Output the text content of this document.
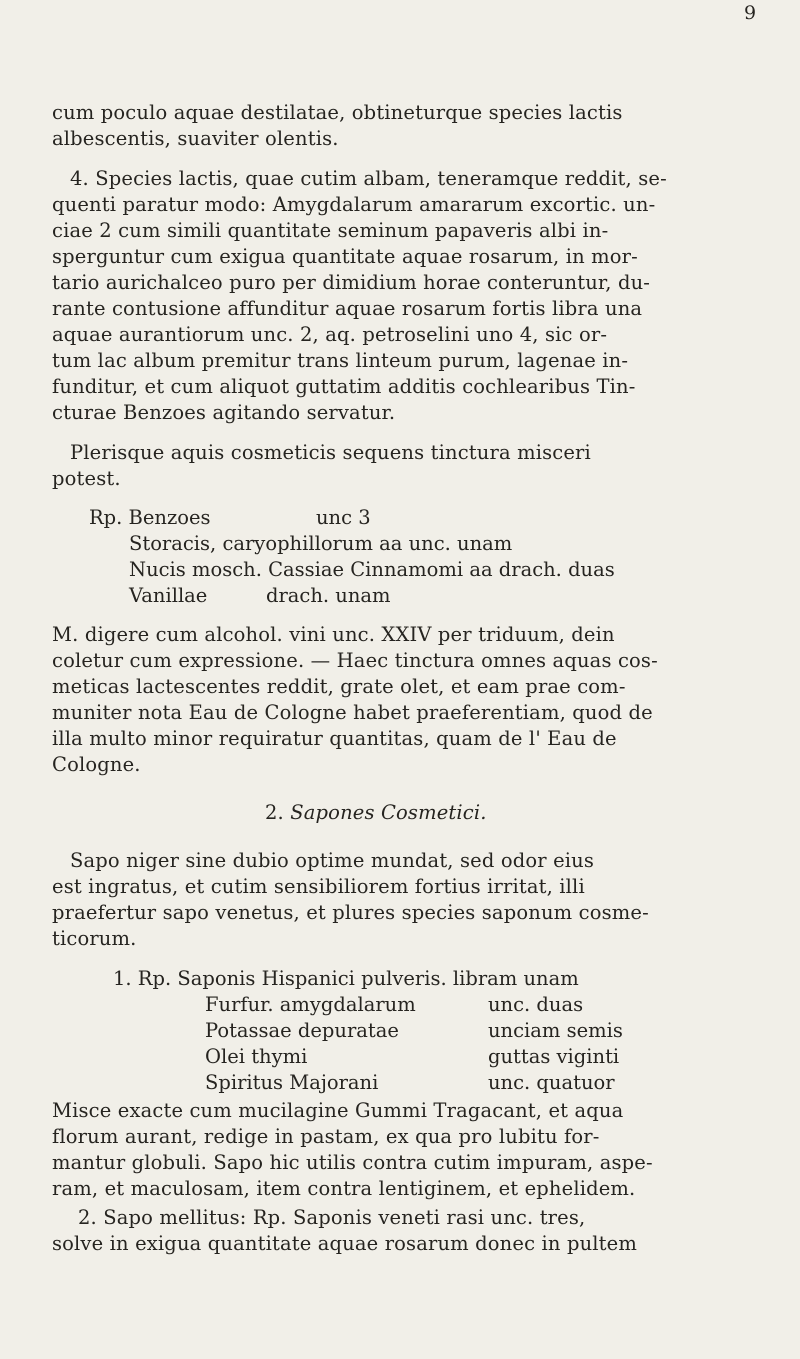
9
cum poculo aquae destilatae, obtineturque species lactis
albescentis, suaviter olentis.
4. Species lactis, quae cutim albam, teneramque reddit, se-
quenti paratur modo: Amygdalarum amararum excortic. un-
ciae 2 cum simili quantitate seminum papaveris albi in-
sperguntur cum exigua quantitate aquae rosarum, in mor-
tario aurichalceo puro per dimidium horae conteruntur, du-
rante contusione affunditur aquae rosarum fortis libra una
aquae aurantiorum unc. 2, aq. petroselini uno 4, sic or-
tum lac album premitur trans linteum purum, lagenae in-
funditur, et cum aliquot guttatim additis cochlearibus Tin-
cturae Benzoes agitando servatur.
Plerisque aquis cosmeticis sequens tinctura misceri
potest.
Rp. Benzoes	unc 3
Storacis, caryophillorum aa unc. unam
Nucis mosch. Cassiae Cinnamomi aa drach. duas
Vanillae	drach. unam
M. digere cum alcohol. vini unc. XXIV per triduum, dein
coletur cum expressione. — Haec tinctura omnes aquas cos-
meticas lactescentes reddit, grate olet, et eam prae com-
muniter nota Eau de Cologne habet praeferentiam, quod de
illa multo minor requiratur quantitas, quam de l' Eau de
Cologne.
2. Sapones Cosmetici.
Sapo niger sine dubio optime mundat, sed odor eius
est ingratus, et cutim sensibiliorem fortius irritat, illi
praefertur sapo venetus, et plures species saponum cosme-
ticorum.
1. Rp. Saponis Hispanici pulveris. libram unam
Furfur. amygdalarum	unc. duas
Potassae depuratae	unciam semis
Olei thymi	guttas viginti
Spiritus Majorani	unc. quatuor
Misce exacte cum mucilagine Gummi Tragacant, et aqua
florum aurant, redige in pastam, ex qua pro lubitu for-
mantur globuli. Sapo hic utilis contra cutim impuram, aspe-
ram, et maculosam, item contra lentiginem, et ephelidem.
2. Sapo mellitus: Rp. Saponis veneti rasi unc. tres,
solve in exigua quantitate aquae rosarum donec in pultem
